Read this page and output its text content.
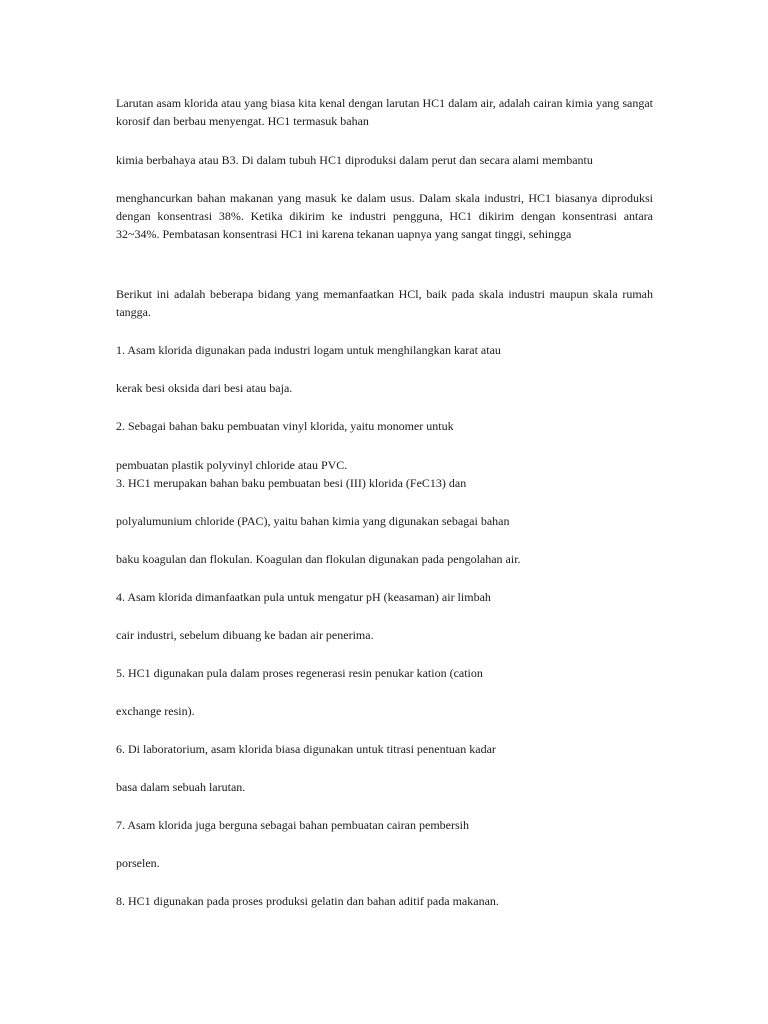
Larutan asam klorida atau yang biasa kita kenal dengan larutan HC1 dalam air, adalah cairan kimia yang sangat korosif dan berbau menyengat. HC1 termasuk bahan

kimia berbahaya atau B3. Di dalam tubuh HC1 diproduksi dalam perut dan secara alami membantu

menghancurkan bahan makanan yang masuk ke dalam usus. Dalam skala industri, HC1 biasanya diproduksi dengan konsentrasi 38%. Ketika dikirim ke industri pengguna, HC1 dikirim dengan konsentrasi antara 32~34%. Pembatasan konsentrasi HC1 ini karena tekanan uapnya yang sangat tinggi, sehingga

Berikut ini adalah beberapa bidang yang memanfaatkan HCl, baik pada skala industri maupun skala rumah tangga.

1. Asam klorida digunakan pada industri logam untuk menghilangkan karat atau

kerak besi oksida dari besi atau baja.

2. Sebagai bahan baku pembuatan vinyl klorida, yaitu monomer untuk

pembuatan plastik polyvinyl chloride atau PVC.

3. HC1 merupakan bahan baku pembuatan besi (III) klorida (FeC13) dan

polyalumunium chloride (PAC), yaitu bahan kimia yang digunakan sebagai bahan

baku koagulan dan flokulan. Koagulan dan flokulan digunakan pada pengolahan air.

4. Asam klorida dimanfaatkan pula untuk mengatur pH (keasaman) air limbah

cair industri, sebelum dibuang ke badan air penerima.

5. HC1 digunakan pula dalam proses regenerasi resin penukar kation (cation

exchange resin).

6. Di laboratorium, asam klorida biasa digunakan untuk titrasi penentuan kadar

basa dalam sebuah larutan.

7. Asam klorida juga berguna sebagai bahan pembuatan cairan pembersih

porselen.

8. HC1 digunakan pada proses produksi gelatin dan bahan aditif pada makanan.
